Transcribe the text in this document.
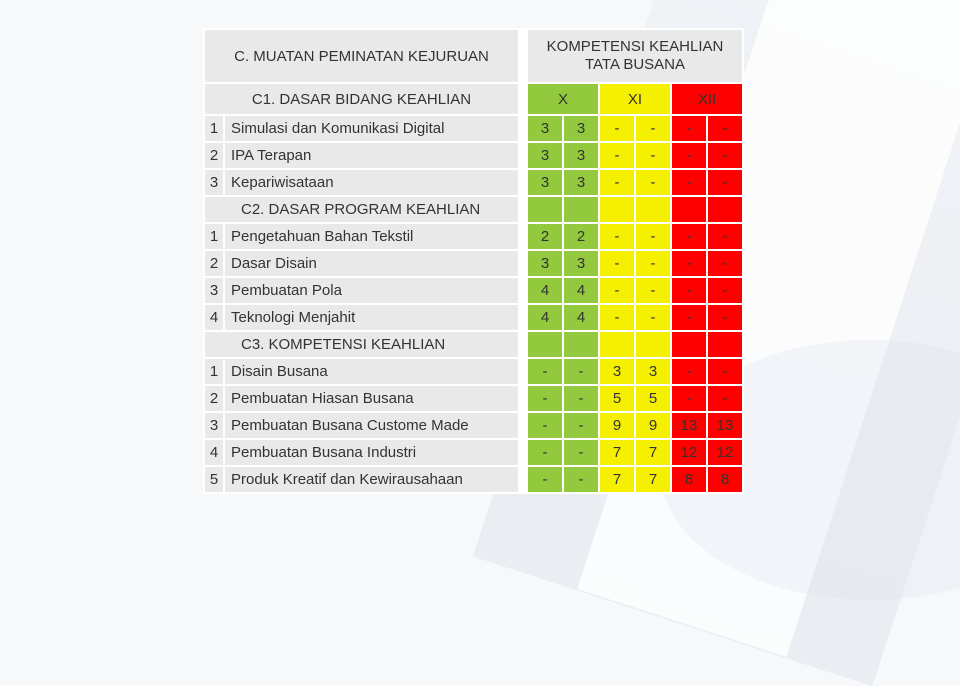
C. MUATAN PEMINATAN KEJURUAN			KOMPETENSI KEAHLIAN
TATA BUSANA					

C1. DASAR BIDANG KEAHLIAN			X		XI		XII	
1	Simulasi dan Komunikasi Digital		3	3	-	-	-	-
2	IPA Terapan		3	3	-	-	-	-
3	Kepariwisataan		3	3	-	-	-	-
C2. DASAR PROGRAM KEAHLIAN								
1	Pengetahuan Bahan Tekstil		2	2	-	-	-	-
2	Dasar Disain		3	3	-	-	-	-
3	Pembuatan Pola		4	4	-	-	-	-
4	Teknologi Menjahit		4	4	-	-	-	-
C3. KOMPETENSI KEAHLIAN								
1	Disain Busana		-	-	3	3	-	-
2	Pembuatan Hiasan Busana		-	-	5	5	-	-
3	Pembuatan Busana Custome Made		-	-	9	9	13	13
4	Pembuatan Busana Industri		-	-	7	7	12	12
5	Produk Kreatif dan Kewirausahaan		-	-	7	7	8	8
